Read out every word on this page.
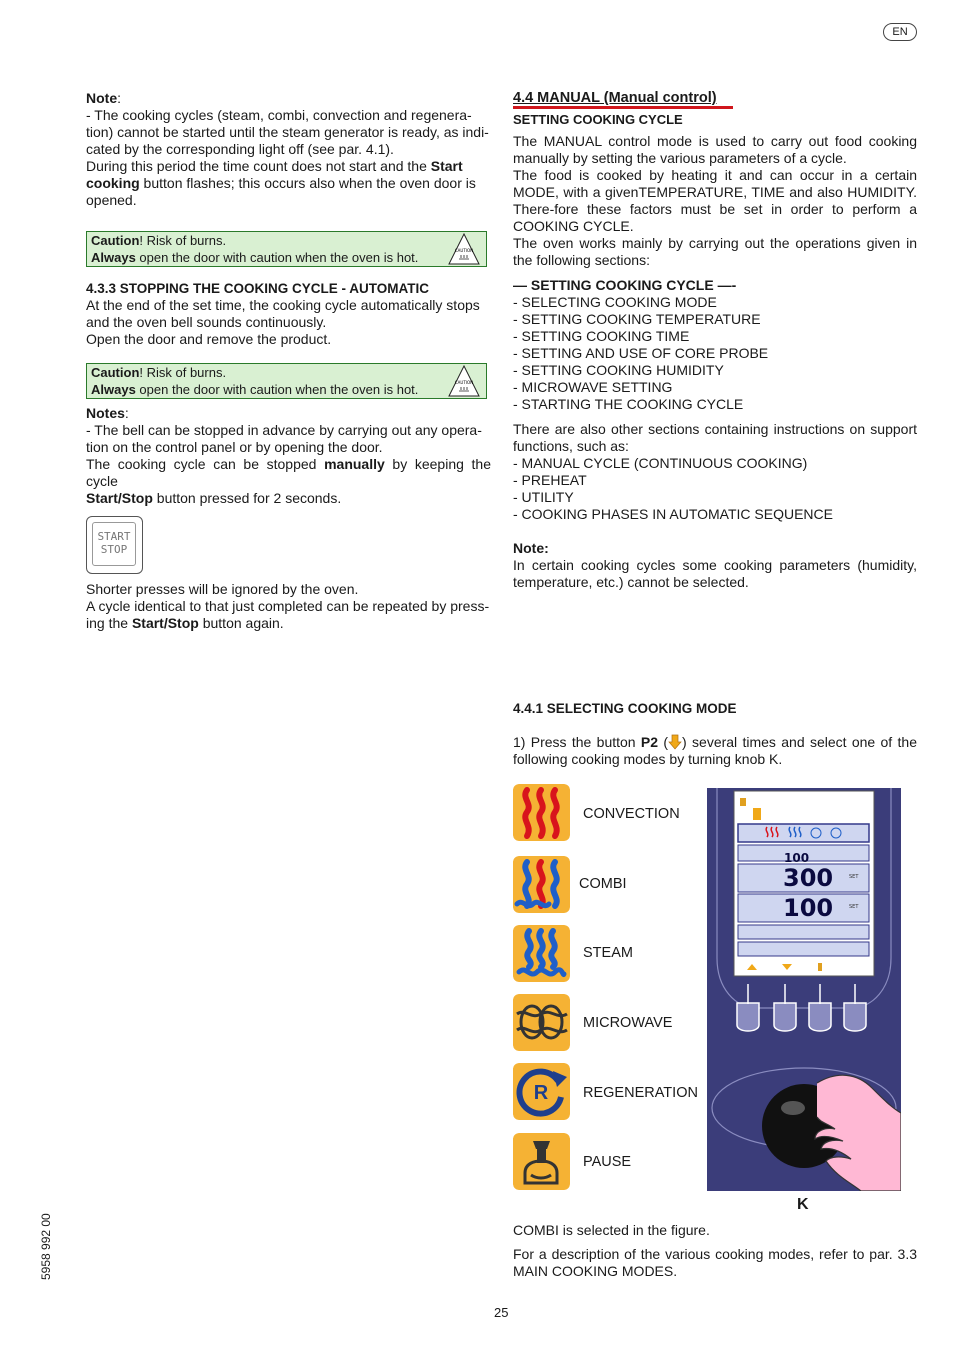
EN

Note:

- The cooking cycles (steam, combi, convection and regenera-
tion) cannot be started until the steam generator is ready, as indi-
cated by the corresponding light off (see par. 4.1).
During this period the time count does not start and the Start
cooking button flashes; this occurs also when the oven door is
opened.

Caution! Risk of burns.
Always open the door with caution when the oven is hot.	CAUTION

4.3.3 STOPPING THE COOKING CYCLE - AUTOMATIC

At the end of the set time, the cooking cycle automatically stops
and the oven bell sounds continuously.
Open the door and remove the product.

Caution! Risk of burns.
Always open the door with caution when the oven is hot.	CAUTION

Notes:

- The bell can be stopped in advance by carrying out any opera-
tion on the control panel or by opening the door.
The cooking cycle can be stopped manually by keeping the cycle
Start/Stop button pressed for 2 seconds.

START
STOP

Shorter presses will be ignored by the oven.
A cycle identical to that just completed can be repeated by press-
ing the Start/Stop button again.

4.4 MANUAL (Manual control)
SETTING COOKING CYCLE

The MANUAL control mode is used to carry out food cooking manually by setting the various parameters of a cycle.

The food is cooked by heating it and can occur in a certain MODE, with a givenTEMPERATURE, TIME and also HUMIDITY. There-fore these factors must be set in order to perform a COOKING CYCLE.

The oven works mainly by carrying out the operations given in the following sections:

— SETTING COOKING CYCLE —-

- SELECTING COOKING MODE
- SETTING COOKING TEMPERATURE
- SETTING COOKING TIME
- SETTING AND USE OF CORE PROBE
- SETTING COOKING HUMIDITY
- MICROWAVE SETTING
- STARTING THE COOKING CYCLE

There are also other sections containing instructions on support functions, such as:

- MANUAL CYCLE (CONTINUOUS COOKING)
- PREHEAT
- UTILITY
- COOKING PHASES IN AUTOMATIC SEQUENCE

Note:

In certain cooking cycles some cooking parameters (humidity, temperature, etc.) cannot be selected.

4.4.1 SELECTING COOKING MODE

1) Press the button P2 ( ) several times and select one of the following cooking modes by turning knob K.

R
CONVECTION
COMBI
STEAM
MICROWAVE
REGENERATION
PAUSE
SET
SET
100
300
100
K

COMBI is selected in the figure.

For a description of the various cooking modes, refer to par. 3.3 MAIN COOKING MODES.

25
5958 992 00
